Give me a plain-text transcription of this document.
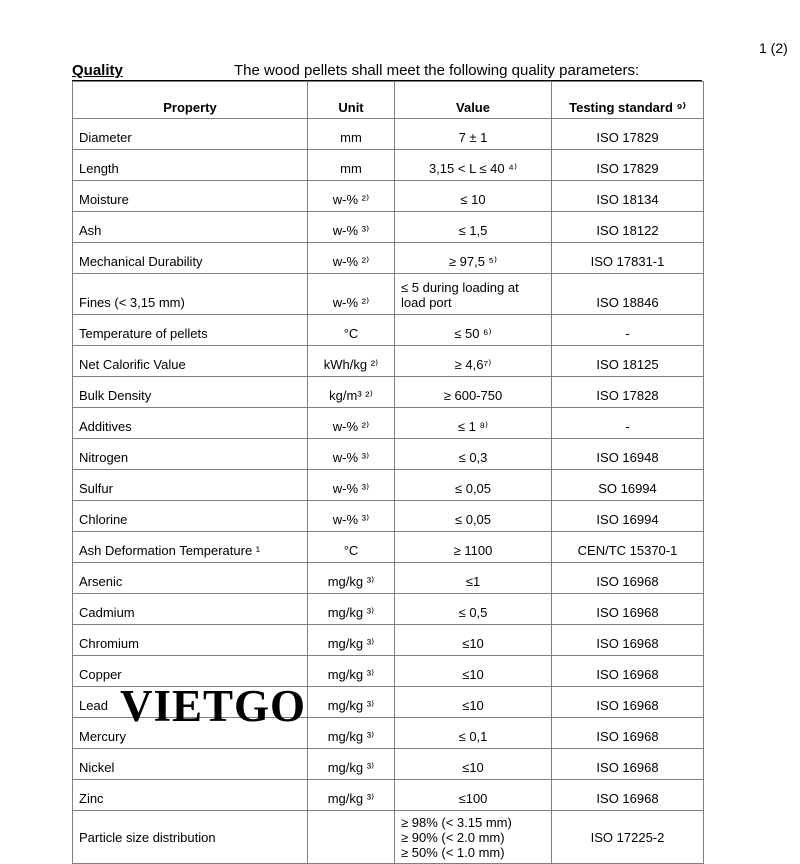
1 (2)
Quality	The wood pellets shall meet the following quality parameters:
Property	Unit	Value	Testing standard ⁹⁾
Diameter	mm	7 ± 1	ISO 17829
Length	mm	3,15 < L ≤ 40 ⁴⁾	ISO 17829
Moisture	w-% ²⁾	≤ 10	ISO 18134
Ash	w-% ³⁾	≤ 1,5	ISO 18122
Mechanical Durability	w-% ²⁾	≥ 97,5 ⁵⁾	ISO 17831-1
Fines (< 3,15 mm)	w-% ²⁾	≤ 5 during loading at
load port	ISO 18846
Temperature of pellets	°C	≤ 50 ⁶⁾	-
Net Calorific Value	kWh/kg ²⁾	≥ 4,6⁷⁾	ISO 18125
Bulk Density	kg/m³ ²⁾	≥ 600-750	ISO 17828
Additives	w-% ²⁾	≤ 1 ⁸⁾	-
Nitrogen	w-% ³⁾	≤ 0,3	ISO 16948
Sulfur	w-% ³⁾	≤ 0,05	SO 16994
Chlorine	w-% ³⁾	≤ 0,05	ISO 16994
Ash Deformation Temperature ¹	°C	≥ 1100	CEN/TC 15370-1
Arsenic	mg/kg ³⁾	≤1	ISO 16968
Cadmium	mg/kg ³⁾	≤ 0,5	ISO 16968
Chromium	mg/kg ³⁾	≤10	ISO 16968
Copper	mg/kg ³⁾	≤10	ISO 16968
Lead	mg/kg ³⁾	≤10	ISO 16968
Mercury	mg/kg ³⁾	≤ 0,1	ISO 16968
Nickel	mg/kg ³⁾	≤10	ISO 16968
Zinc	mg/kg ³⁾	≤100	ISO 16968
Particle size distribution		≥ 98% (< 3.15 mm)
≥ 90% (< 2.0 mm)
≥ 50% (< 1.0 mm)	ISO 17225-2
VIETGO
